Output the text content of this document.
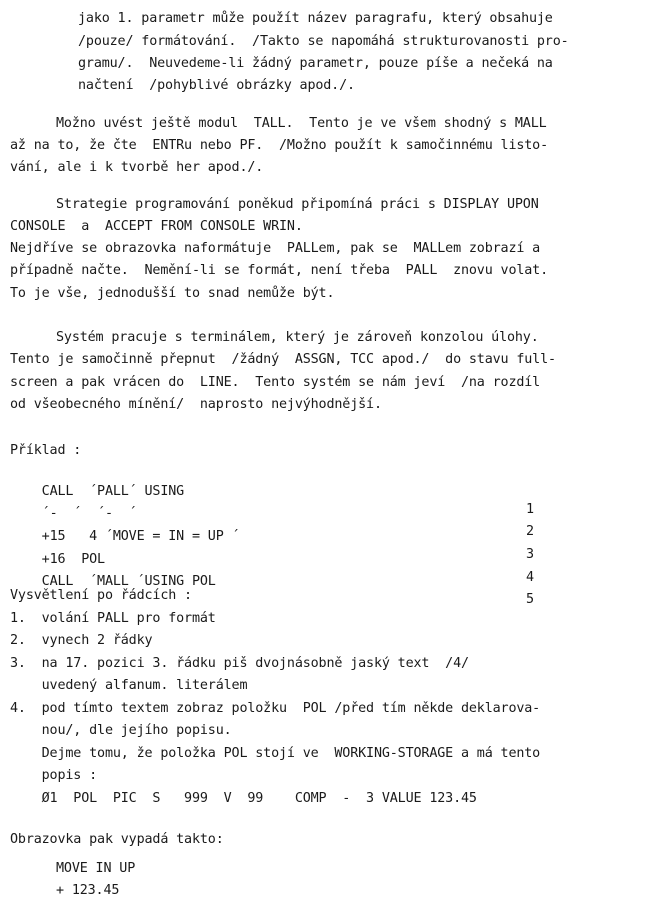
jako 1. parametr může použít název paragrafu, který obsahuje
/pouze/ formátování.  /Takto se napomáhá strukturovanosti pro-
gramu/.  Neuvedeme-li žádný parametr, pouze píše a nečeká na
načtení  /pohyblivé obrázky apod./.
Možno uvést ještě modul  TALL.  Tento je ve všem shodný s MALL
až na to, že čte  ENTRu nebo PF.  /Možno použít k samočinnému listo-
vání, ale i k tvorbě her apod./.
Strategie programování poněkud připomíná práci s DISPLAY UPON
CONSOLE  a  ACCEPT FROM CONSOLE WRIN.
Nejdříve se obrazovka naformátuje  PALLem, pak se  MALLem zobrazí a
případně načte.  Nemění-li se formát, není třeba  PALL  znovu volat.
To je vše, jednodušší to snad nemůže být.
Systém pracuje s terminálem, který je zároveň konzolou úlohy.
Tento je samočinně přepnut  /žádný  ASSGN, TCC apod./  do stavu full-
screen a pak vrácen do  LINE.  Tento systém se nám jeví  /na rozdíl
od všeobecného mínění/  naprosto nejvýhodnější.
Příklad :

CALL  ´PALL´ USING

1

´-  ´  ´-  ´

2

+15   4 ´MOVE = IN = UP ´

3

+16  POL

4

CALL  ´MALL ´USING POL

5

Vysvětlení po řádcích :
1.  volání PALL pro formát
2.  vynech 2 řádky
3.  na 17. pozici 3. řádku piš dvojnásobně jaský text  /4/
uvedený alfanum. literálem
4.  pod tímto textem zobraz položku  POL /před tím někde deklarova-
nou/, dle jejího popisu.
Dejme tomu, že položka POL stojí ve  WORKING-STORAGE a má tento
popis :
Ø1  POL  PIC  S   999  V  99    COMP  -  3 VALUE 123.45
Obrazovka pak vypadá takto:
MOVE IN UP
+ 123.45
